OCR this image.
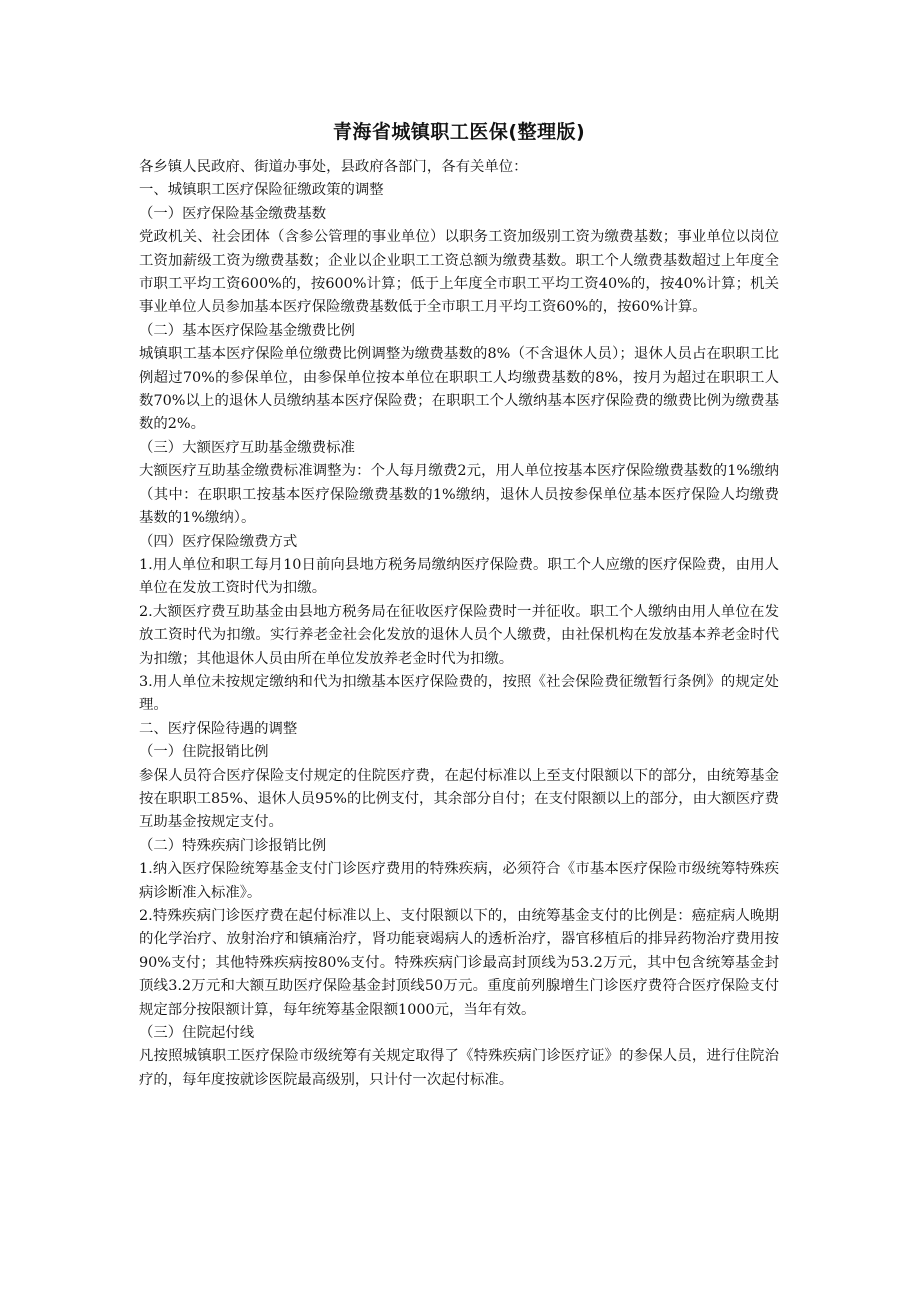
青海省城镇职工医保(整理版)

各乡镇人民政府、街道办事处，县政府各部门，各有关单位：

一、城镇职工医疗保险征缴政策的调整

（一）医疗保险基金缴费基数

党政机关、社会团体（含参公管理的事业单位）以职务工资加级别工资为缴费基数；事业单位以岗位工资加薪级工资为缴费基数；企业以企业职工工资总额为缴费基数。职工个人缴费基数超过上年度全市职工平均工资600%的，按600%计算；低于上年度全市职工平均工资40%的，按40%计算；机关事业单位人员参加基本医疗保险缴费基数低于全市职工月平均工资60%的，按60%计算。

（二）基本医疗保险基金缴费比例

城镇职工基本医疗保险单位缴费比例调整为缴费基数的8%（不含退休人员）；退休人员占在职职工比例超过70%的参保单位，由参保单位按本单位在职职工人均缴费基数的8%，按月为超过在职职工人数70%以上的退休人员缴纳基本医疗保险费；在职职工个人缴纳基本医疗保险费的缴费比例为缴费基数的2%。

（三）大额医疗互助基金缴费标准

大额医疗互助基金缴费标准调整为：个人每月缴费2元，用人单位按基本医疗保险缴费基数的1%缴纳（其中：在职职工按基本医疗保险缴费基数的1%缴纳，退休人员按参保单位基本医疗保险人均缴费基数的1%缴纳）。

（四）医疗保险缴费方式

1.用人单位和职工每月10日前向县地方税务局缴纳医疗保险费。职工个人应缴的医疗保险费，由用人单位在发放工资时代为扣缴。

2.大额医疗费互助基金由县地方税务局在征收医疗保险费时一并征收。职工个人缴纳由用人单位在发放工资时代为扣缴。实行养老金社会化发放的退休人员个人缴费，由社保机构在发放基本养老金时代为扣缴；其他退休人员由所在单位发放养老金时代为扣缴。

3.用人单位未按规定缴纳和代为扣缴基本医疗保险费的，按照《社会保险费征缴暂行条例》的规定处理。

二、医疗保险待遇的调整

（一）住院报销比例

参保人员符合医疗保险支付规定的住院医疗费，在起付标准以上至支付限额以下的部分，由统筹基金按在职职工85%、退休人员95%的比例支付，其余部分自付；在支付限额以上的部分，由大额医疗费互助基金按规定支付。

（二）特殊疾病门诊报销比例

1.纳入医疗保险统筹基金支付门诊医疗费用的特殊疾病，必须符合《市基本医疗保险市级统筹特殊疾病诊断准入标准》。

2.特殊疾病门诊医疗费在起付标准以上、支付限额以下的，由统筹基金支付的比例是：癌症病人晚期的化学治疗、放射治疗和镇痛治疗，肾功能衰竭病人的透析治疗，器官移植后的排异药物治疗费用按90%支付；其他特殊疾病按80%支付。特殊疾病门诊最高封顶线为53.2万元，其中包含统筹基金封顶线3.2万元和大额互助医疗保险基金封顶线50万元。重度前列腺增生门诊医疗费符合医疗保险支付规定部分按限额计算，每年统筹基金限额1000元，当年有效。

（三）住院起付线

凡按照城镇职工医疗保险市级统筹有关规定取得了《特殊疾病门诊医疗证》的参保人员，进行住院治疗的，每年度按就诊医院最高级别，只计付一次起付标准。
